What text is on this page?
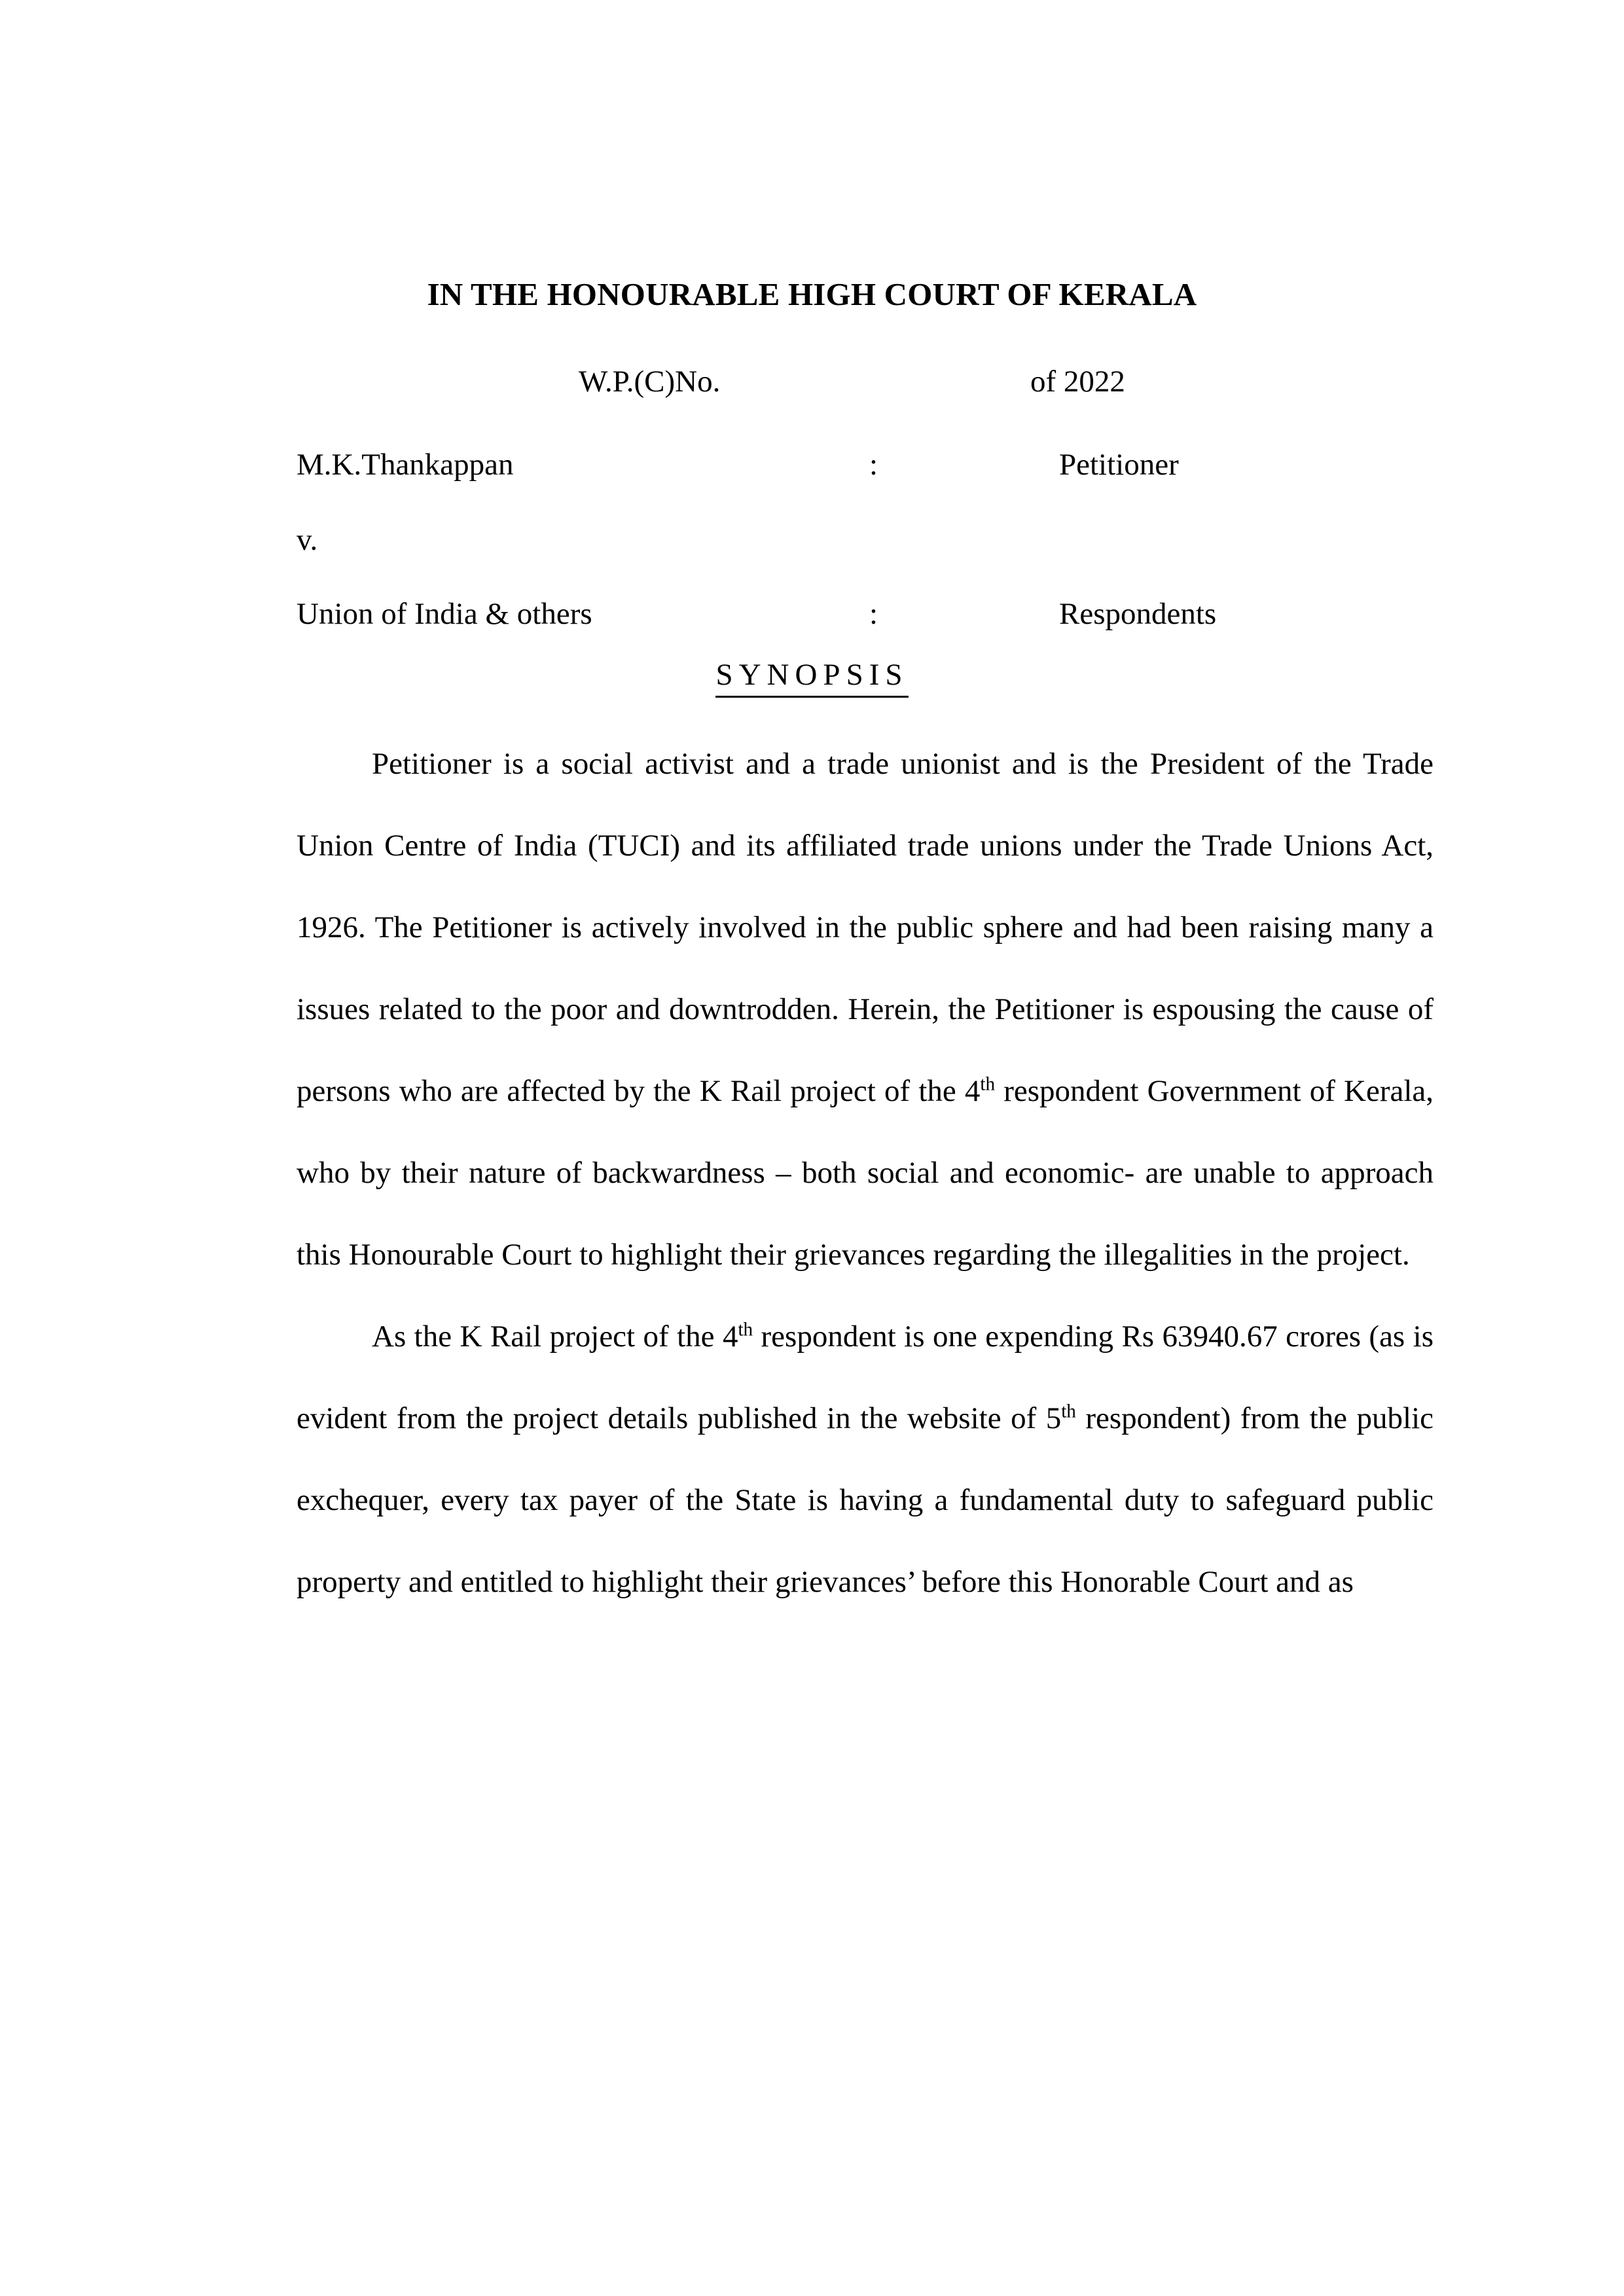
IN THE HONOURABLE HIGH COURT OF KERALA
W.P.(C)No.	of 2022
M.K.Thankappan	:	Petitioner
v.
Union of India & others	:	Respondents
SYNOPSIS

Petitioner is a social activist and a trade unionist and is the President of the Trade Union Centre of India (TUCI) and its affiliated trade unions under the Trade Unions Act, 1926. The Petitioner is actively involved in the public sphere and had been raising many a issues related to the poor and downtrodden. Herein, the Petitioner is espousing the cause of persons who are affected by the K Rail project of the 4th respondent Government of Kerala, who by their nature of backwardness – both social and economic- are unable to approach this Honourable Court to highlight their grievances regarding the illegalities in the project.

As the K Rail project of the 4th respondent is one expending Rs 63940.67 crores (as is evident from the project details published in the website of 5th respondent) from the public exchequer, every tax payer of the State is having a fundamental duty to safeguard public property and entitled to highlight their grievances’ before this Honorable Court and as
